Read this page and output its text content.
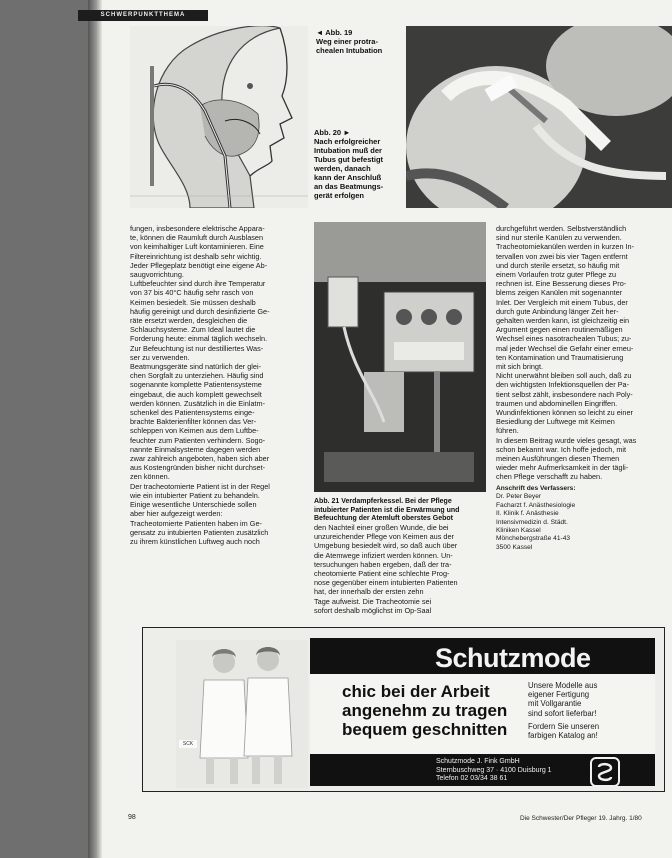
SCHWERPUNKTTHEMA
◄ Abb. 19
Weg einer protra-
chealen Intubation
Abb. 20 ►
Nach erfolgreicher
Intubation muß der
Tubus gut befestigt
werden, danach
kann der Anschluß
an das Beatmungs-
gerät erfolgen

fungen, insbesondere elektrische Appara-

te, können die Raumluft durch Ausblasen

von keimhaltiger Luft kontaminieren. Eine

Filtereinrichtung ist deshalb sehr wichtig.

Jeder Pflegeplatz benötigt eine eigene Ab-

saugvorrichtung.

Luftbefeuchter sind durch ihre Temperatur

von 37 bis 40°C häufig sehr rasch von

Keimen besiedelt. Sie müssen deshalb

häufig gereinigt und durch desinfizierte Ge-

räte ersetzt werden, desgleichen die

Schlauchsysteme. Zum Ideal lautet die

Forderung heute: einmal täglich wechseln.

Zur Befeuchtung ist nur destilliertes Was-

ser zu verwenden.

Beatmungsgeräte sind natürlich der glei-

chen Sorgfalt zu unterziehen. Häufig sind

sogenannte komplette Patientensysteme

eingebaut, die auch komplett gewechselt

werden können. Zusätzlich in die Einlatm-

schenkel des Patientensystems einge-

brachte Bakterienfilter können das Ver-

schleppen von Keimen aus dem Luftbe-

feuchter zum Patienten verhindern. Sogo-

nannte Einmalsysteme dagegen werden

zwar zahlreich angeboten, haben sich aber

aus Kostengründen bisher nicht durchset-

zen können.

Der tracheotomierte Patient ist in der Regel

wie ein intubierter Patient zu behandeln.

Einige wesentliche Unterschiede sollen

aber hier aufgezeigt werden:

Tracheotomierte Patienten haben im Ge-

gensatz zu intubierten Patienten zusätzlich

zu ihrem künstlichen Luftweg auch noch

Abb. 21 Verdampferkessel. Bei der Pflege
intubierter Patienten ist die Erwärmung und
Befeuchtung der Atemluft oberstes Gebot

den Nachteil einer großen Wunde, die bei

unzureichender Pflege von Keimen aus der

Umgebung besiedelt wird, so daß auch über

die Atemwege infiziert werden können. Un-

tersuchungen haben ergeben, daß der tra-

cheotomierte Patient eine schlechte Prog-

nose gegenüber einem intubierten Patienten

hat, der innerhalb der ersten zehn

Tage aufweist. Die Tracheotomie sei

sofort deshalb möglichst im Op-Saal

durchgeführt werden. Selbstverständlich

sind nur sterile Kanülen zu verwenden.

Tracheotomiekanülen werden in kurzen In-

tervallen von zwei bis vier Tagen entfernt

und durch sterile ersetzt, so häufig mit

einem Vorlaufen trotz guter Pflege zu

rechnen ist. Eine Besserung dieses Pro-

blems zeigen Kanülen mit sogenannter

Inlet. Der Vergleich mit einem Tubus, der

durch gute Anbindung länger Zeit her-

gehalten werden kann, ist gleichzeitig ein

Argument gegen einen routinemäßigen

Wechsel eines nasotrachealen Tubus; zu-

mal jeder Wechsel die Gefahr einer erneu-

ten Kontamination und Traumatisierung

mit sich bringt.

Nicht unerwähnt bleiben soll auch, daß zu

den wichtigsten Infektionsquellen der Pa-

tient selbst zählt, insbesondere nach Poly-

traumen und abdominellen Eingriffen.

Wundinfektionen können so leicht zu einer

Besiedlung der Luftwege mit Keimen

führen.

In diesem Beitrag wurde vieles gesagt, was

schon bekannt war. Ich hoffe jedoch, mit

meinen Ausführungen diesen Themen

wieder mehr Aufmerksamkeit in der tägli-

chen Pflege verschafft zu haben.

Anschrift des Verfassers:

Dr. Peter Beyer

Facharzt f. Anästhesiologie

II. Klinik f. Anästhesie

Intensivmedizin d. Städt.

Kliniken Kassel

Mönchebergstraße 41-43

3500 Kassel

SCK
Schutzmode
chic bei der Arbeit
angenehm zu tragen
bequem geschnitten
Unsere Modelle aus
eigener Fertigung
mit Vollgarantie
sind sofort lieferbar!
Fordern Sie unseren
farbigen Katalog an!
Schutzmode J. Fink GmbH
Sternbuschweg 37 · 4100 Duisburg 1
Telefon 02 03/34 38 61
98	Die Schwester/Der Pfleger 19. Jahrg. 1/80
